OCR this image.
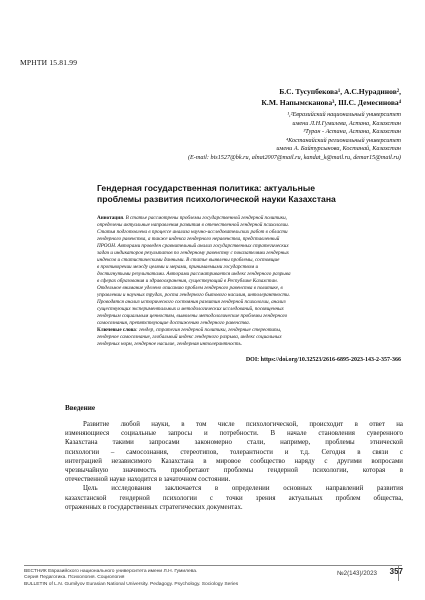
МРНТИ 15.81.99
Б.С. Тусупбекова¹, А.С.Нурадинов²,
К.М. Напымсканова³, Ш.С. Демесинова⁴
¹,²Евразийский национальный университет
имени Л.Н.Гумилева, Астана, Казахстан
³Туран - Астана, Астана, Казахстан
⁴Костанайский региональный университет
имени А. Байтурсынова, Костанай, Казахстан
(E-mail: bis1527@bk.ru, alnat2007@mail.ru, kandat_k@mail.ru, demar15@mail.ru)
Гендерная государственная политика: актуальные
проблемы развития психологической науки Казахстана
Аннотация. В статье рассмотрены проблемы государственной гендерной политики,
определены актуальные направления развития в отечественной гендерной психологии.
Статья подготовлена в процессе анализа научно-исследовательских работ в области
гендерного равенства, а также индекса гендерного неравенства, представленный
ПРООН. Авторами проведен сравнительный анализ государственных стратегических
задач и индикаторов результатов по гендерному равенству с показателями гендерных
индексов и статистическими данными. В статье выявлены проблемы, состоящие
в противоречии между целями и мерами, принимаемыми государством и
достигнутыми результатами. Авторами рассматривается индекс гендерного разрыва
в сферах образования и здравоохранения, существующий в Республике Казахстан.
Отдельное внимание уделено описанию проблем гендерного равенства в политике, в
управлении и научных трудах, роста гендерного бытового насилия, интолерантности.
Проводятся анализ исторического состояния развития гендерной психологии, анализ
существующих экспериментальных и методологических исследований, посвященных
гендерным социальным ценностям, выявлены методологические проблемы гендерного
самосознания, препятствующие достижению гендерного равенства.
Ключевые слова: гендер, стратегия гендерной политики, гендерные стереотипы,
гендерное самосознание, глобальный индекс гендерного разрыва, индекс социальных
гендерных норм, гендерное насилие, гендерная интолерантность.
DOI: https://doi.org/10.32523/2616-6895-2023-143-2-357-366
Введение
Развитие любой науки, в том числе психологической, происходит в ответ на
изменяющиеся социальные запросы и потребности. В начале становления суверенного
Казахстана такими запросами закономерно стали, например, проблемы этнической
психологии – самосознания, стереотипов, толерантности и т.д. Сегодня в связи с
интеграцией независимого Казахстана в мировое сообщество наряду с другими вопросами
чрезвычайную значимость приобретают проблемы гендерной психологии, которая в
отечественной науке находится в зачаточном состоянии.
Цель исследования заключается в определении основных направлений развития
казахстанской гендерной психологии с точки зрения актуальных проблем общества,
отраженных в государственных стратегических документах.
ВЕСТНИК Евразийского национального университета имени Л.Н. Гумилева.
Серия Педагогика. Психология. Социология
BULLETIN of L.N. Gumilyov Eurasian National University. Pedagogy. Psychology. Sociology Series
№2(143)/2023 357
